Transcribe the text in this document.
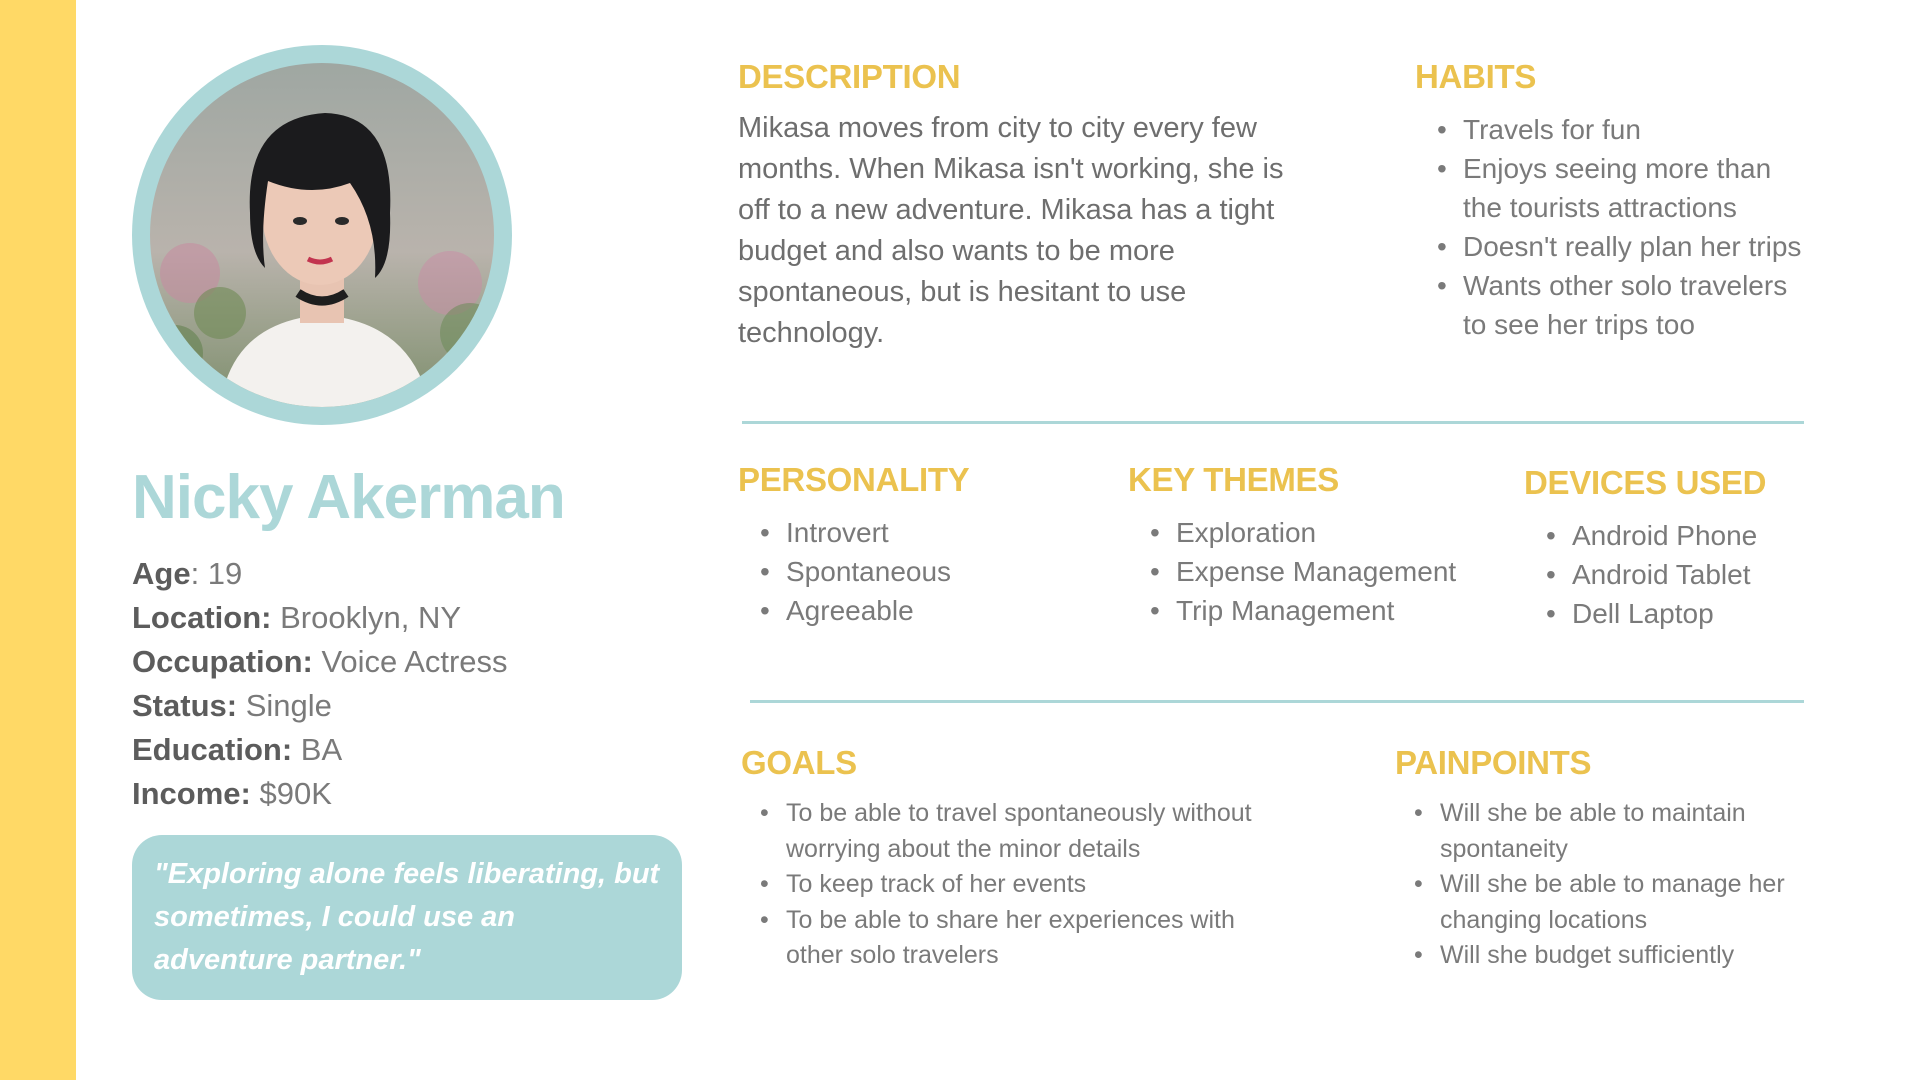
Nicky Akerman
Age: 19
Location: Brooklyn, NY
Occupation: Voice Actress
Status: Single
Education: BA
Income: $90K
"Exploring alone feels liberating, but sometimes, I could use an adventure partner."
DESCRIPTION
Mikasa moves from city to city every few months. When Mikasa isn't working, she is off to a new adventure. Mikasa has a tight budget and also wants to be more spontaneous, but is hesitant to use technology.
HABITS
• Travels for fun
• Enjoys seeing more than the tourists attractions
• Doesn't really plan her trips
• Wants other solo travelers to see her trips too
PERSONALITY
• Introvert
• Spontaneous
• Agreeable
KEY THEMES
• Exploration
• Expense Management
• Trip Management
DEVICES USED
• Android Phone
• Android Tablet
• Dell Laptop
GOALS
• To be able to travel spontaneously without worrying about the minor details
• To keep track of her events
• To be able to share her experiences with other solo travelers
PAINPOINTS
• Will she be able to maintain spontaneity
• Will she be able to manage her changing locations
• Will she budget sufficiently
